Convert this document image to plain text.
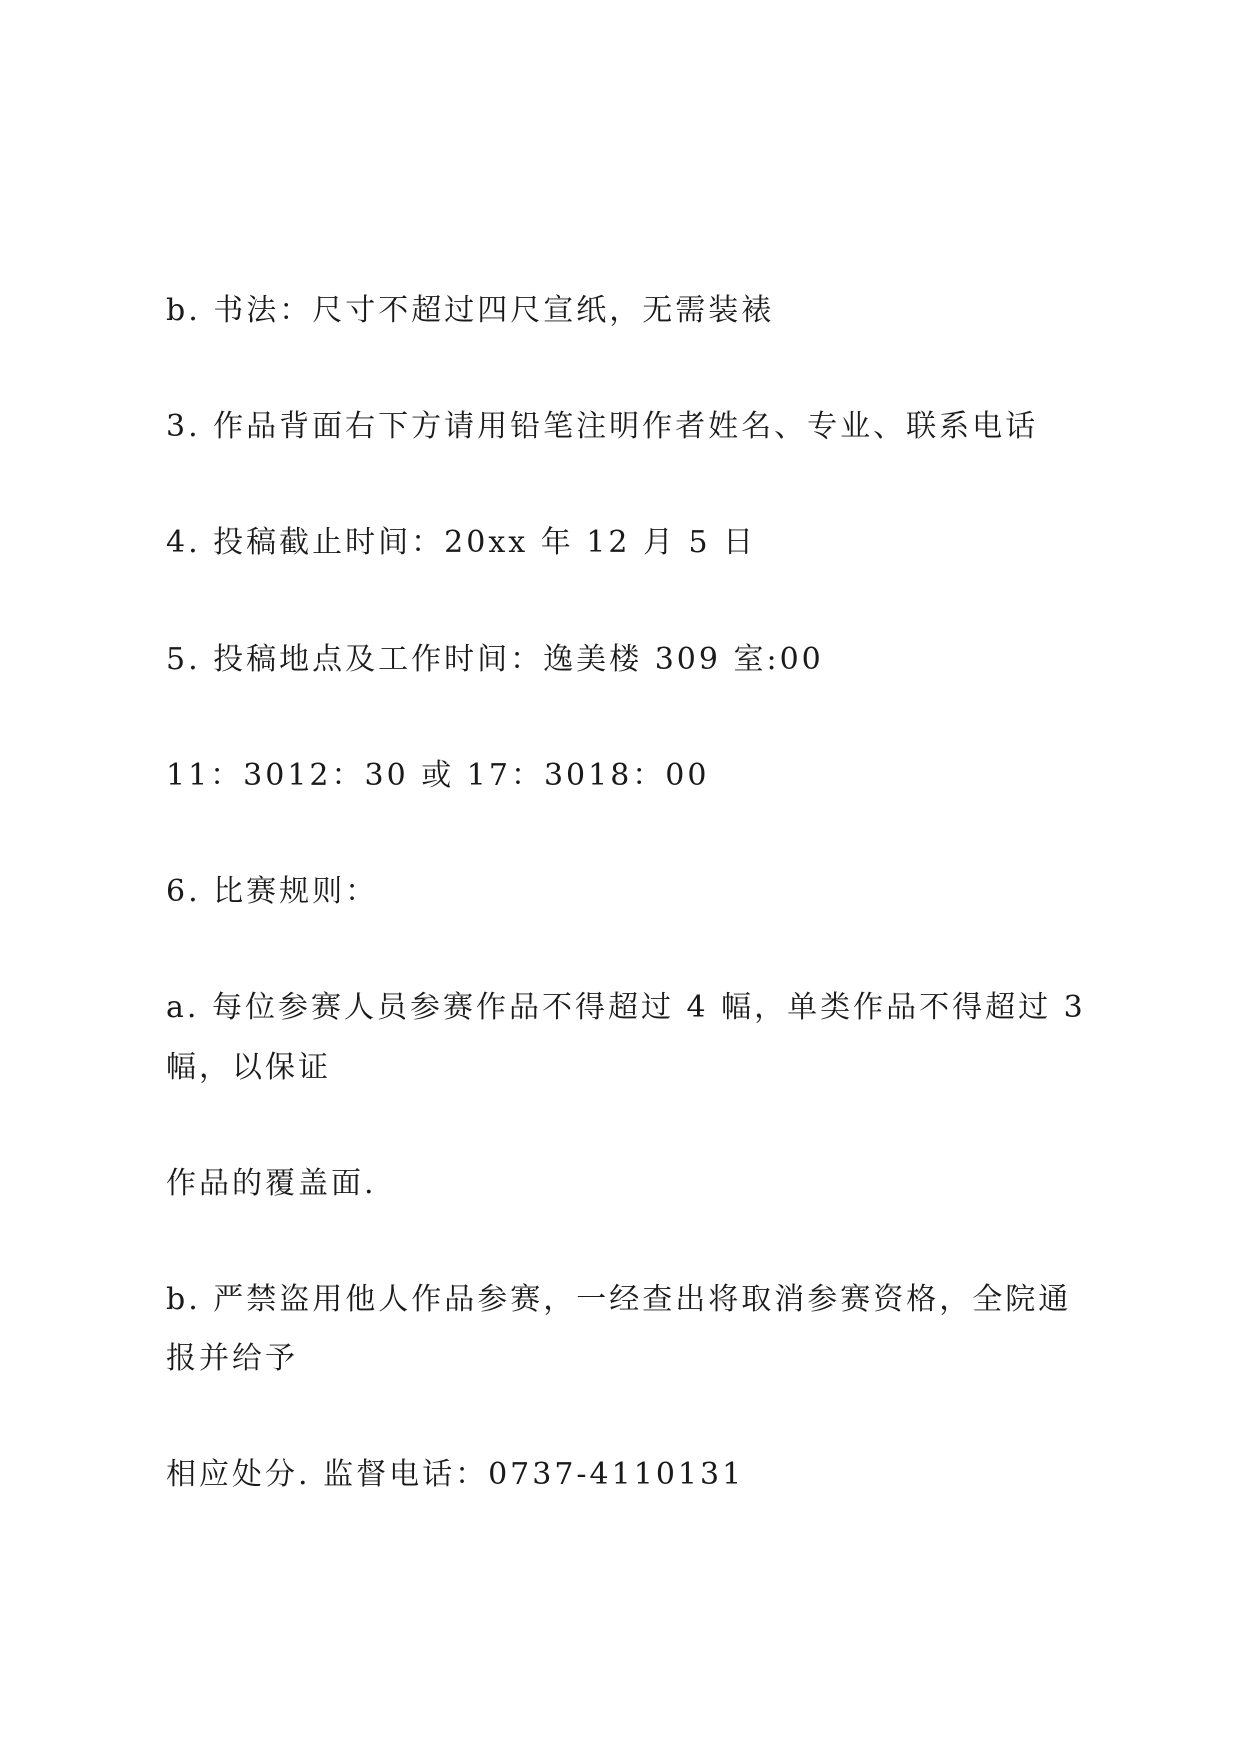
b. 书法：尺寸不超过四尺宣纸，无需装裱

3. 作品背面右下方请用铅笔注明作者姓名、专业、联系电话

4. 投稿截止时间：20xx 年 12 月 5 日

5. 投稿地点及工作时间：逸美楼 309 室:00

11：3012：30 或 17：3018：00

6. 比赛规则：

a. 每位参赛人员参赛作品不得超过 4 幅，单类作品不得超过 3

幅，以保证

作品的覆盖面.

b. 严禁盗用他人作品参赛，一经查出将取消参赛资格，全院通

报并给予

相应处分. 监督电话：0737-4110131
